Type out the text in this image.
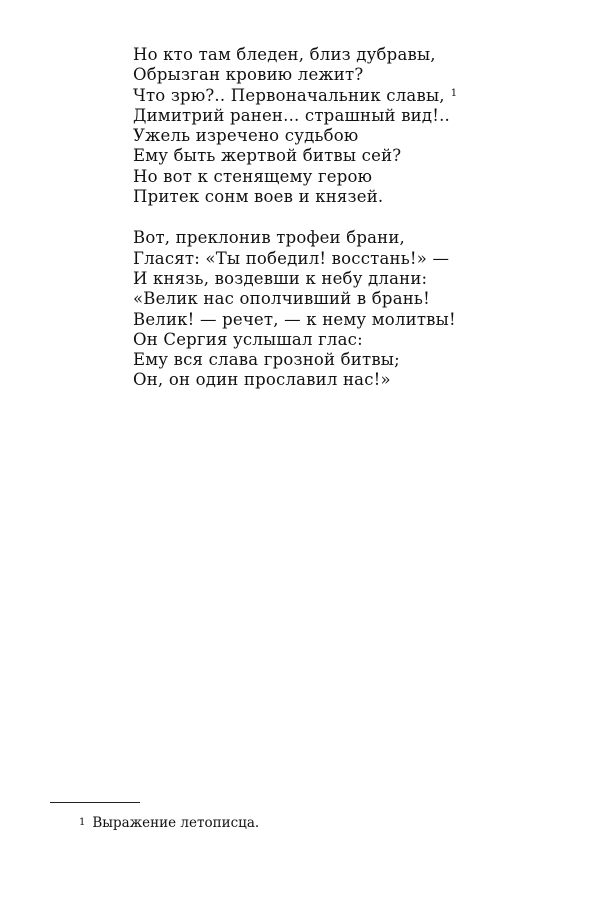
Но кто там бледен, близ дубравы,
Обрызган кровию лежит?
Что зрю?.. Первоначальник славы, $^1$
Димитрий ранен... страшный вид!..
Ужель изречено судьбою
Ему быть жертвой битвы сей?
Но вот к стенящему герою
Притек сонм воев и князей.
Вот, преклонив трофеи брани,
Гласят: «Ты победил! восстань!» —
И князь, воздевши к небу длани:
«Велик нас ополчивший в брань!
Велик! — речет, — к нему молитвы!
Он Сергия услышал глас:
Ему вся слава грозной битвы;
Он, он один прославил нас!»
$^1$ Выражение летописца.
